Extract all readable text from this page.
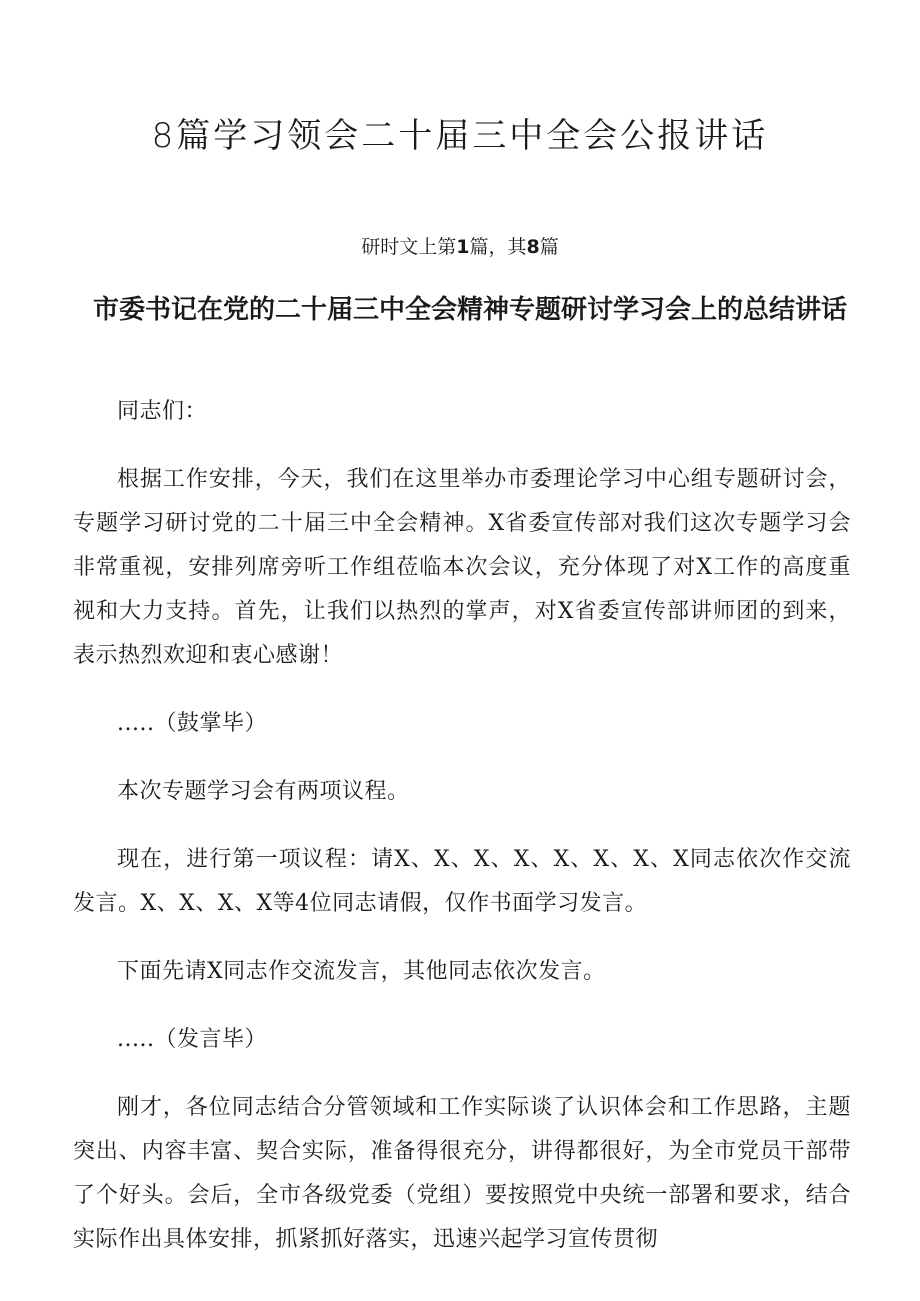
8篇学习领会二十届三中全会公报讲话

研时文上第1篇，其8篇

市委书记在党的二十届三中全会精神专题研讨学习会上的总结讲话

同志们：

根据工作安排，今天，我们在这里举办市委理论学习中心组专题研讨会，专题学习研讨党的二十届三中全会精神。X省委宣传部对我们这次专题学习会非常重视，安排列席旁听工作组莅临本次会议，充分体现了对X工作的高度重视和大力支持。首先，让我们以热烈的掌声，对X省委宣传部讲师团的到来，表示热烈欢迎和衷心感谢！

.....（鼓掌毕）

本次专题学习会有两项议程。

现在，进行第一项议程：请X、X、X、X、X、X、X、X同志依次作交流发言。X、X、X、X等4位同志请假，仅作书面学习发言。

下面先请X同志作交流发言，其他同志依次发言。

.....（发言毕）

刚才，各位同志结合分管领域和工作实际谈了认识体会和工作思路，主题突出、内容丰富、契合实际，准备得很充分，讲得都很好，为全市党员干部带了个好头。会后，全市各级党委（党组）要按照党中央统一部署和要求，结合实际作出具体安排，抓紧抓好落实，迅速兴起学习宣传贯彻
